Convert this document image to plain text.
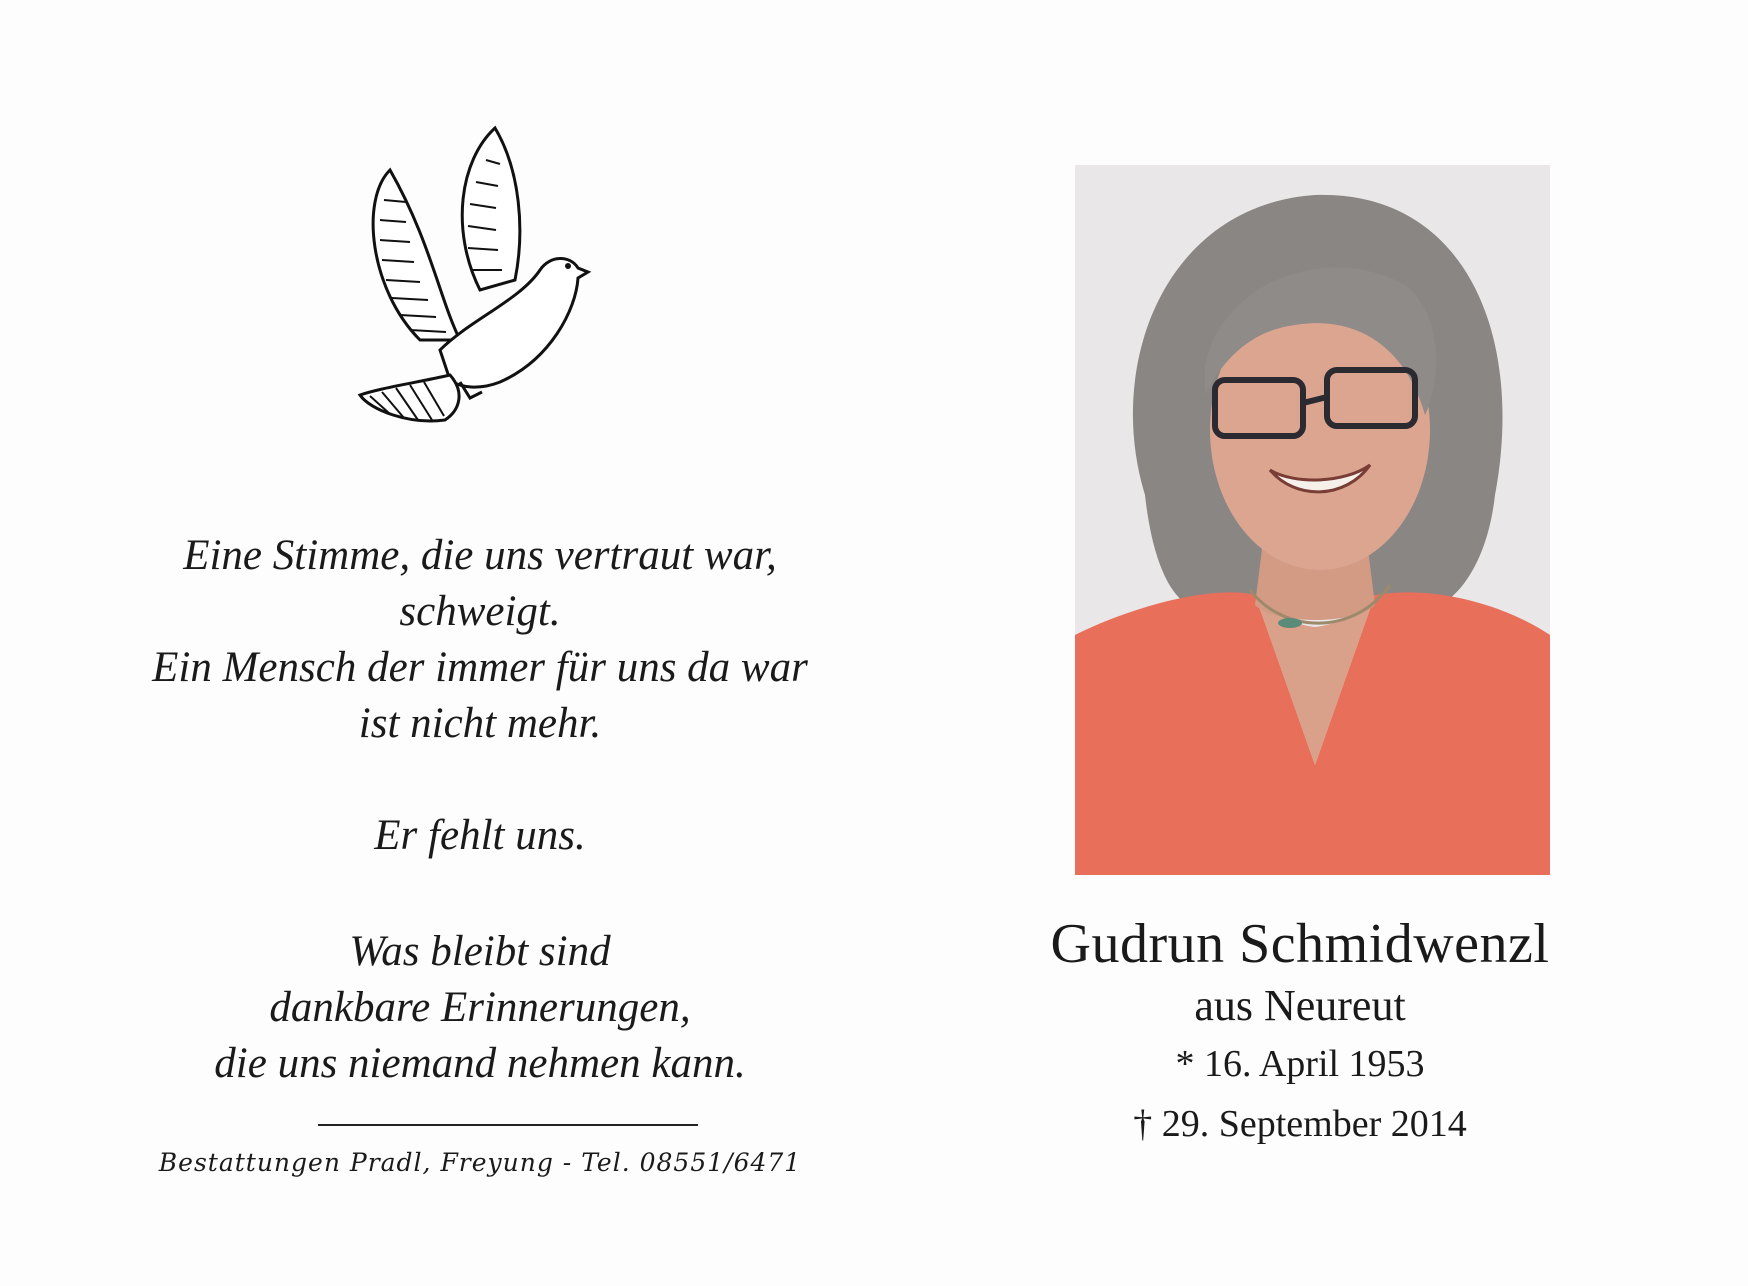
Eine Stimme, die uns vertraut war,
schweigt.
Ein Mensch der immer für uns da war
ist nicht mehr.
Er fehlt uns.
Was bleibt sind
dankbare Erinnerungen,
die uns niemand nehmen kann.
Bestattungen Pradl, Freyung - Tel. 08551/6471
Gudrun Schmidwenzl
aus Neureut
* 16. April 1953
† 29. September 2014
